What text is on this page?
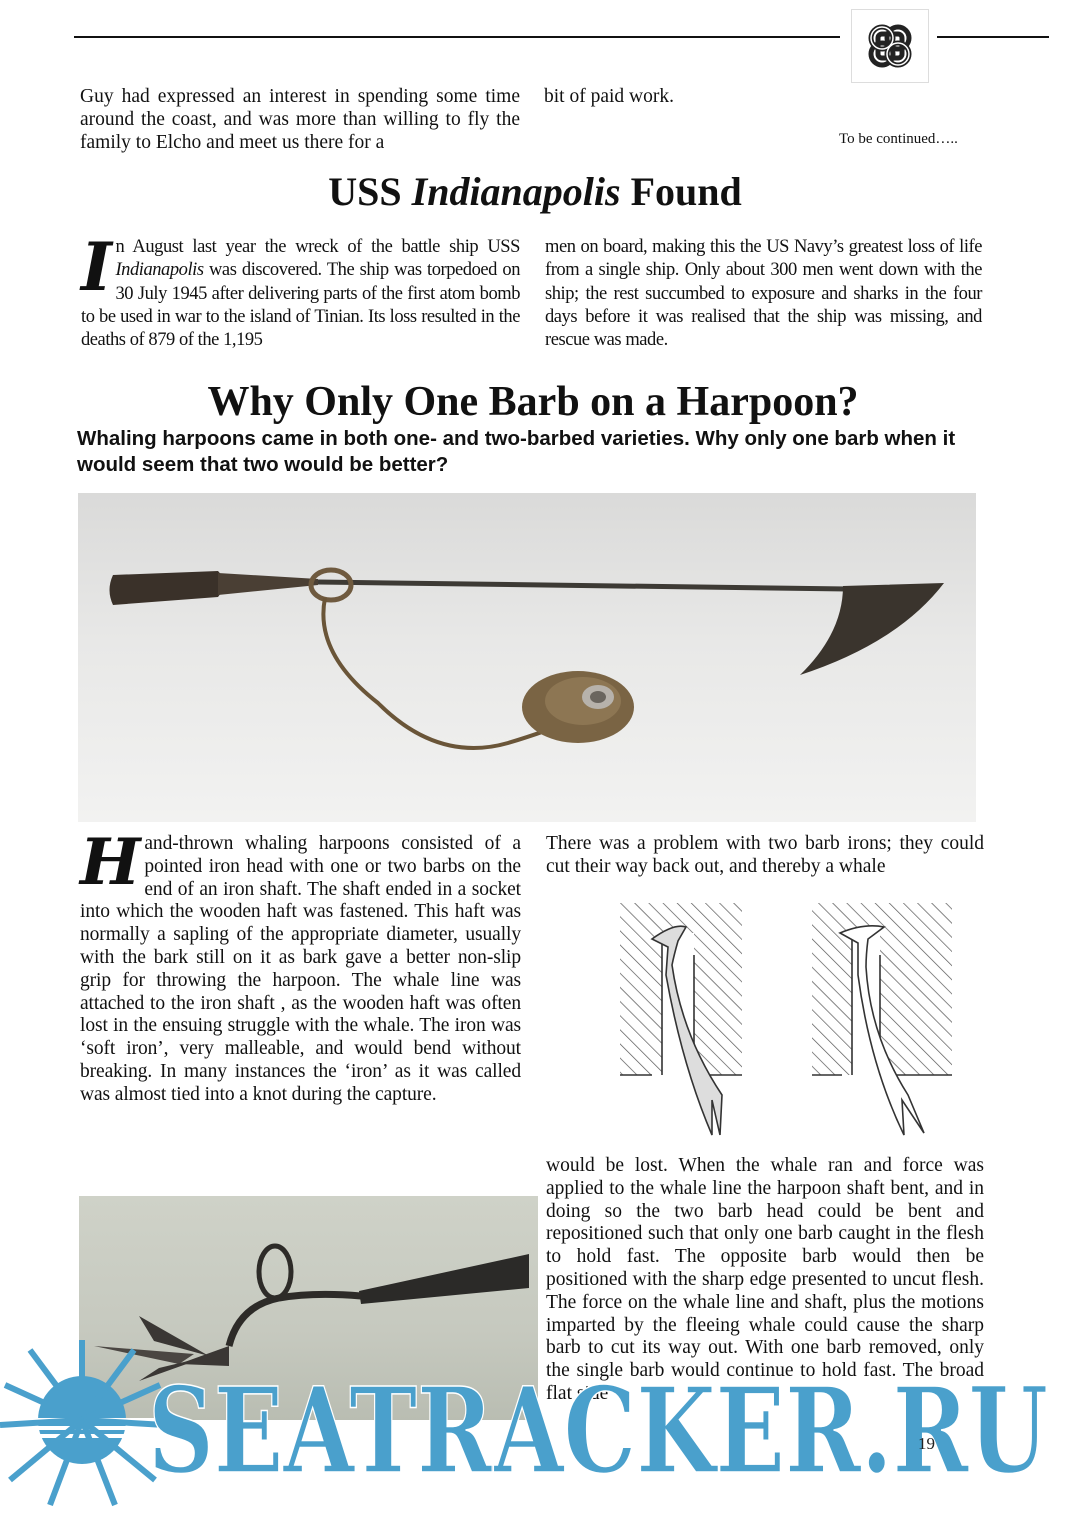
Guy had expressed an interest in spending some time around the coast, and was more than willing to fly the family to Elcho and meet us there for a

bit of paid work.

To be continued…..
USS Indianapolis Found

In August last year the wreck of the battle ship USS Indianapolis was discovered. The ship was torpedoed on 30 July 1945 after delivering parts of the first atom bomb to be used in war to the island of Tinian. Its loss resulted in the deaths of 879 of the 1,195

men on board, making this the US Navy’s greatest loss of life from a single ship. Only about 300 men went down with the ship; the rest succumbed to exposure and sharks in the four days before it was realised that the ship was missing, and rescue was made.

Why Only One Barb on a Harpoon?

Whaling harpoons came in both one- and two-barbed varieties. Why only one barb when it would seem that two would be better?

Hand-thrown whaling harpoons consisted of a pointed iron head with one or two barbs on the end of an iron shaft. The shaft ended in a socket into which the wooden haft was fastened. This haft was normally a sapling of the appropriate diameter, usually with the bark still on it as bark gave a better non-slip grip for throwing the harpoon. The whale line was attached to the iron shaft , as the wooden haft was often lost in the ensuing struggle with the whale. The iron was ‘soft iron’, very malleable, and would bend without breaking. In many instances the ‘iron’ as it was called was almost tied into a knot during the capture.

There was a problem with two barb irons; they could cut their way back out, and thereby a whale

would be lost. When the whale ran and force was applied to the whale line the harpoon shaft bent, and in doing so the two barb head could be bent and repositioned such that only one barb caught in the flesh to hold fast. The opposite barb would then be positioned with the sharp edge presented to uncut flesh. The force on the whale line and shaft, plus the motions imparted by the fleeing whale could cause the sharp barb to cut its way out. With one barb removed, only the single barb would continue to hold fast. The broad flat side

SEATRACKER.RU
19
